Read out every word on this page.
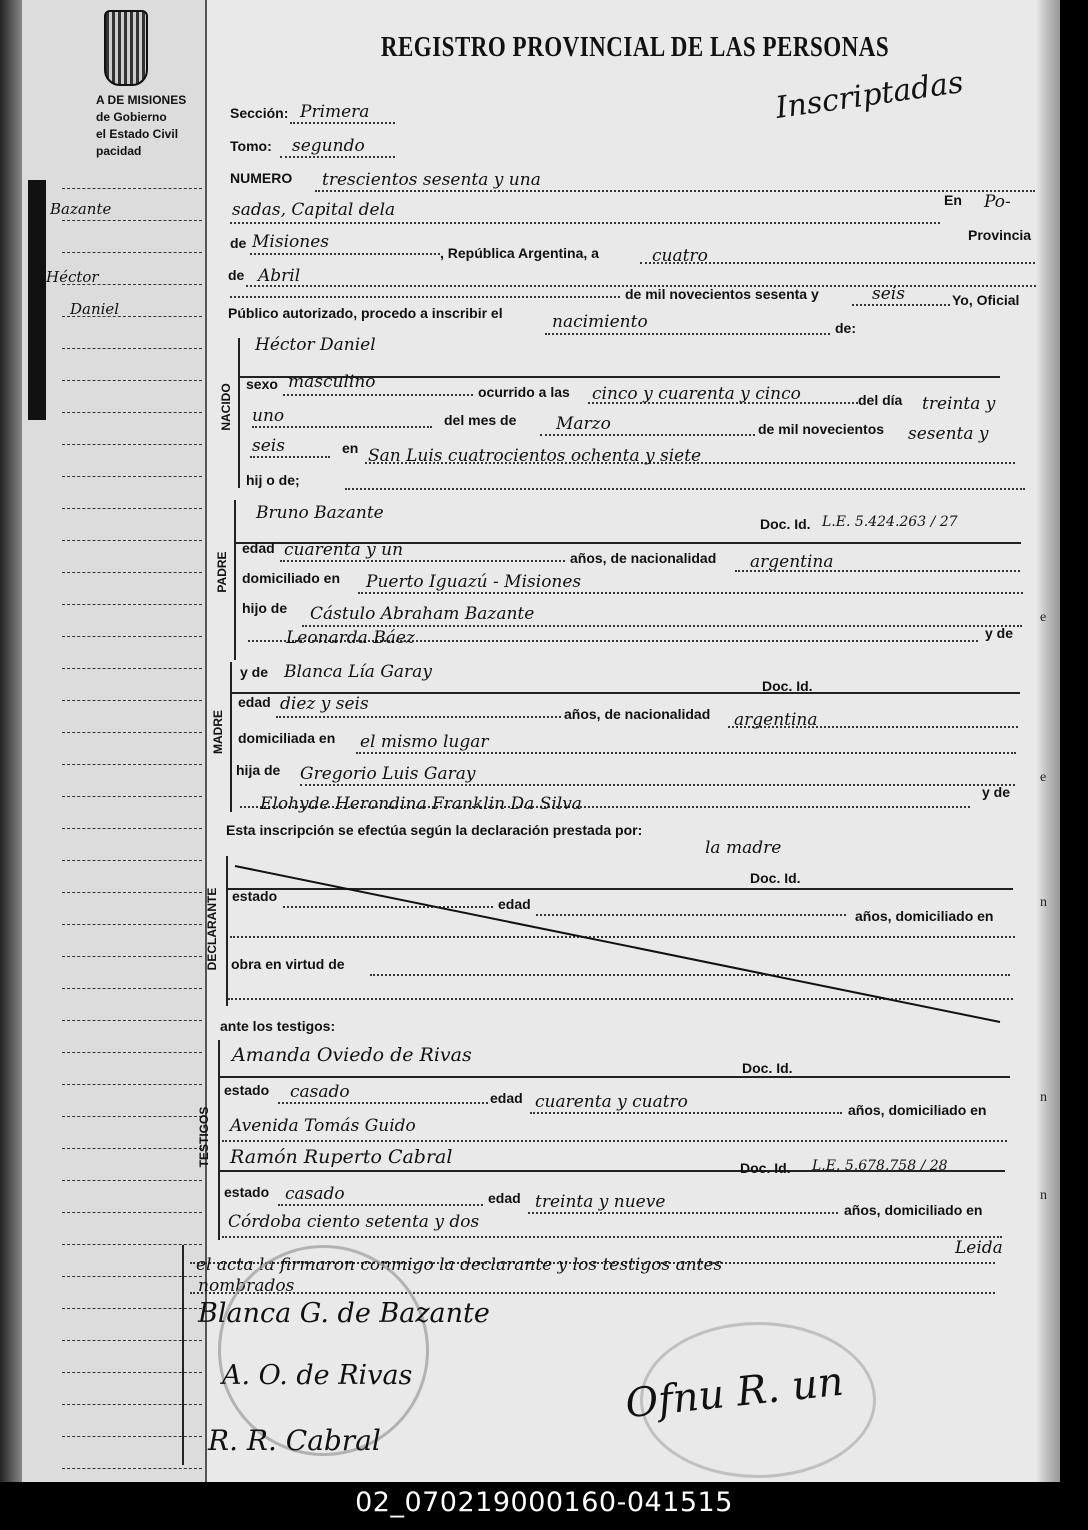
A DE MISIONES
de Gobierno
el Estado Civil
pacidad
Bazante
Héctor
Daniel
REGISTRO PROVINCIAL DE LAS PERSONAS
Inscriptadas
Sección: Primera
Tomo: segundo
NUMERO trescientos sesenta y una
sadas, Capital dela	En Po-
de Misiones
, República Argentina, a	cuatro
Provincia
de Abril
de mil novecientos sesenta y	seis	Yo, Oficial
Público autorizado, procedo a inscribir el	nacimiento	de:
NACIDO
Héctor Daniel
sexo masculino	ocurrido a las cinco y cuarenta y cinco	del día treinta y
uno	del mes de Marzo	de mil novecientos sesenta y
seis	en San Luis cuatrocientos ochenta y siete
hij o de;
PADRE
Bruno Bazante
Doc. Id. L.E. 5.424.263 / 27
edad cuarenta y un	años, de nacionalidad argentina
domiciliado en Puerto Iguazú - Misiones
hijo de Cástulo Abraham Bazante
Leonarda Báez	y de
MADRE
y de Blanca Lía Garay
Doc. Id.
edad diez y seis	años, de nacionalidad argentina
domiciliada en el mismo lugar
hija de Gregorio Luis Garay
Elohyde Herondina Franklin Da Silva
y de
Esta inscripción se efectúa según la declaración prestada por:
la madre
DECLARANTE
Doc. Id.
estado	edad
años, domiciliado en
obra en virtud de
ante los testigos:
TESTIGOS
Amanda Oviedo de Rivas
Doc. Id.
estado casado	edad cuarenta y cuatro	años, domiciliado en
Avenida Tomás Guido
Ramón Ruperto Cabral	Doc. Id. L.E. 5.678.758 / 28
estado casado	edad treinta y nueve	años, domiciliado en
Córdoba ciento setenta y dos
Leida
el acta la firmaron conmigo la declarante y los testigos antes
nombrados
Blanca G. de Bazante
A. O. de Rivas
R. R. Cabral
Ofnu R. un
e
e
n
n
n
02_070219000160-041515
